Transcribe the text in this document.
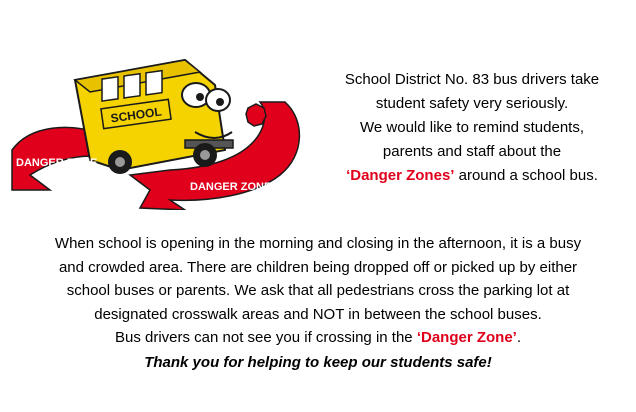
SCHOOL
DANGER ZONE
DANGER ZONE

School District No. 83 bus drivers take

student safety very seriously.

We would like to remind students,

parents and staff about the

‘Danger Zones’ around a school bus.

When school is opening in the morning and closing in the afternoon, it is a busy

and crowded area. There are children being dropped off or picked up by either

school buses or parents. We ask that all pedestrians cross the parking lot at

designated crosswalk areas and NOT in between the school buses.

Bus drivers can not see you if crossing in the ‘Danger Zone’.

Thank you for helping to keep our students safe!
